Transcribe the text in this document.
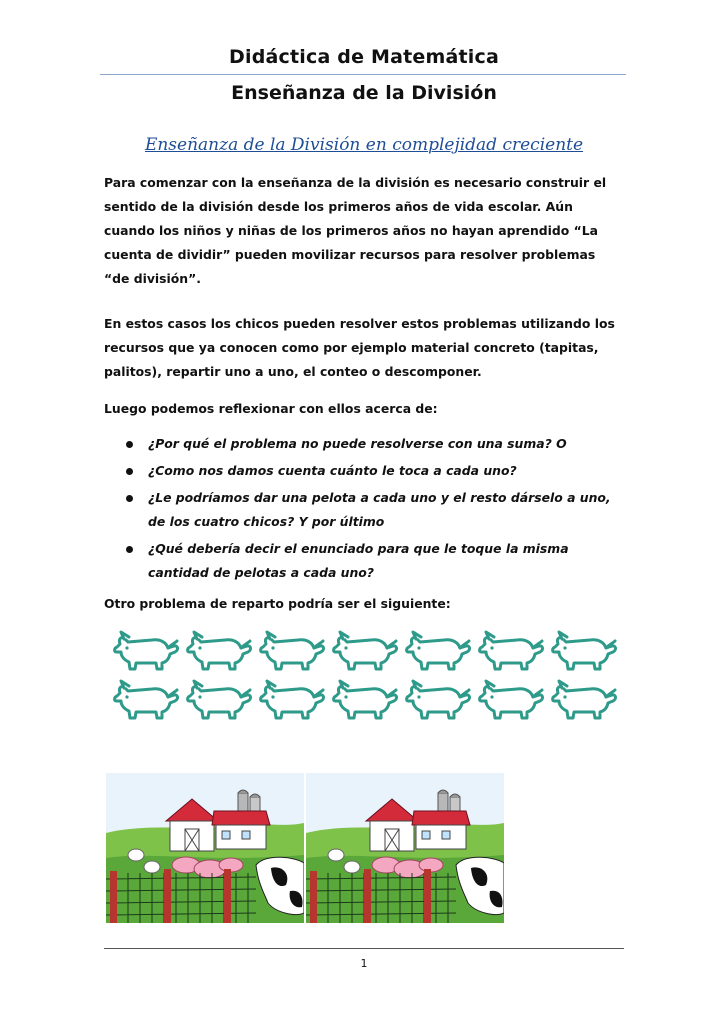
Didáctica de Matemática
Enseñanza de la División
Enseñanza de la División en complejidad creciente
Para comenzar con la enseñanza de la división es necesario construir el sentido de la división desde los primeros años de vida escolar. Aún cuando los niños y niñas de los primeros años no hayan aprendido “La cuenta de dividir” pueden movilizar recursos para resolver problemas “de división”.
En estos casos los chicos pueden resolver estos problemas utilizando los recursos que ya conocen como por ejemplo material concreto (tapitas, palitos), repartir uno a uno, el conteo o descomponer.
Luego podemos reflexionar con ellos acerca de:
¿Por qué el problema no puede resolverse con una suma? O
¿Como nos damos cuenta cuánto le toca a cada uno?
¿Le podríamos dar una pelota a cada uno y el resto dárselo a uno, de los cuatro chicos? Y por último
¿Qué debería decir el enunciado para que le toque la misma cantidad de pelotas a cada uno?
Otro problema de reparto podría ser el siguiente:
1
